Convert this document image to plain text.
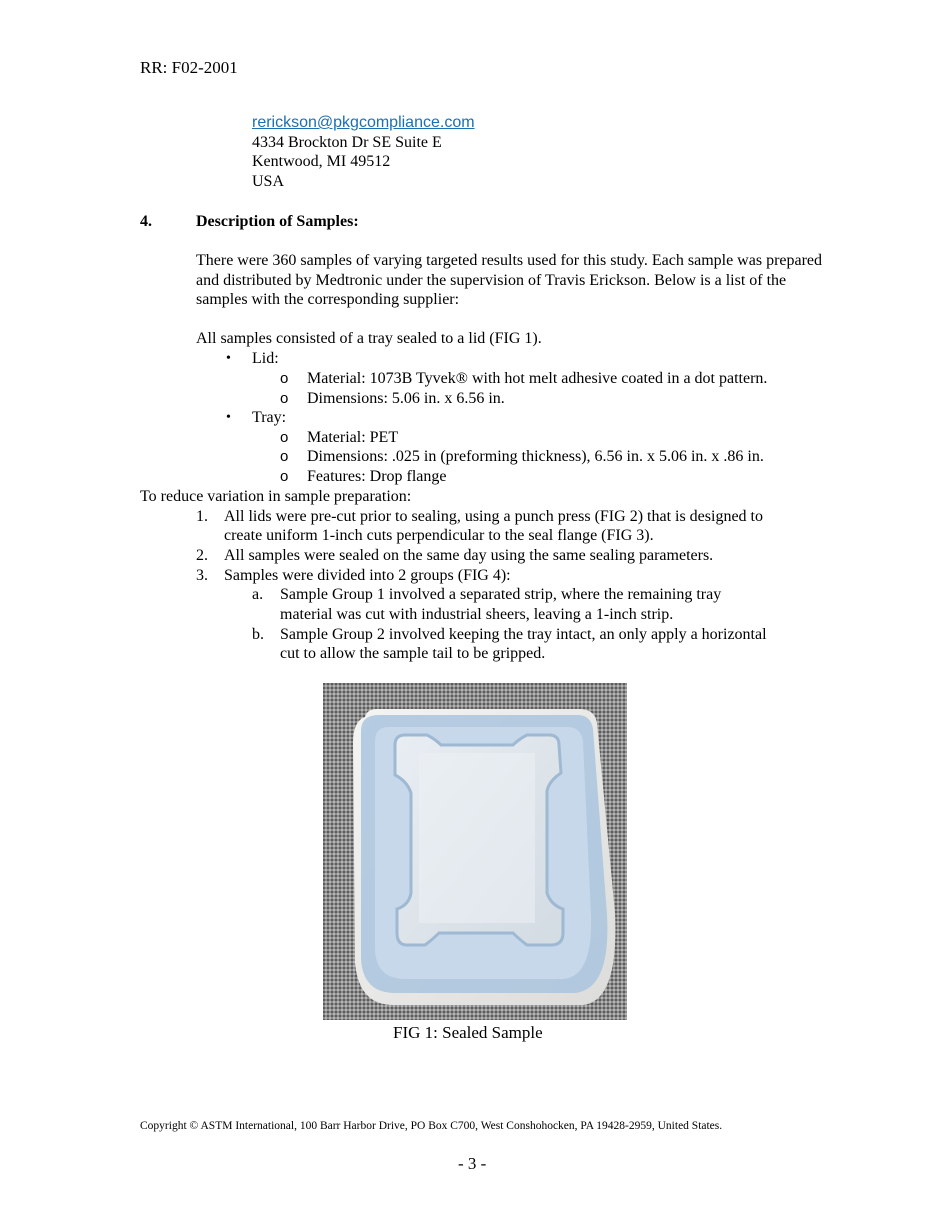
RR: F02-2001
rerickson@pkgcompliance.com
4334 Brockton Dr SE Suite E
Kentwood, MI 49512
USA
4.	Description of Samples:
There were 360 samples of varying targeted results used for this study. Each sample was prepared and distributed by Medtronic under the supervision of Travis Erickson. Below is a list of the samples with the corresponding supplier:
All samples consisted of a tray sealed to a lid (FIG 1).
• Lid:
o Material: 1073B Tyvek® with hot melt adhesive coated in a dot pattern.
o Dimensions: 5.06 in. x 6.56 in.
• Tray:
o Material: PET
o Dimensions: .025 in (preforming thickness), 6.56 in. x 5.06 in. x .86 in.
o Features: Drop flange
To reduce variation in sample preparation:
1. All lids were pre-cut prior to sealing, using a punch press (FIG 2) that is designed to
create uniform 1-inch cuts perpendicular to the seal flange (FIG 3).
2. All samples were sealed on the same day using the same sealing parameters.
3. Samples were divided into 2 groups (FIG 4):
a. Sample Group 1 involved a separated strip, where the remaining tray
material was cut with industrial sheers, leaving a 1-inch strip.
b. Sample Group 2 involved keeping the tray intact, an only apply a horizontal
cut to allow the sample tail to be gripped.
FIG 1: Sealed Sample
Copyright © ASTM International, 100 Barr Harbor Drive, PO Box C700, West Conshohocken, PA 19428-2959, United States.
- 3 -
